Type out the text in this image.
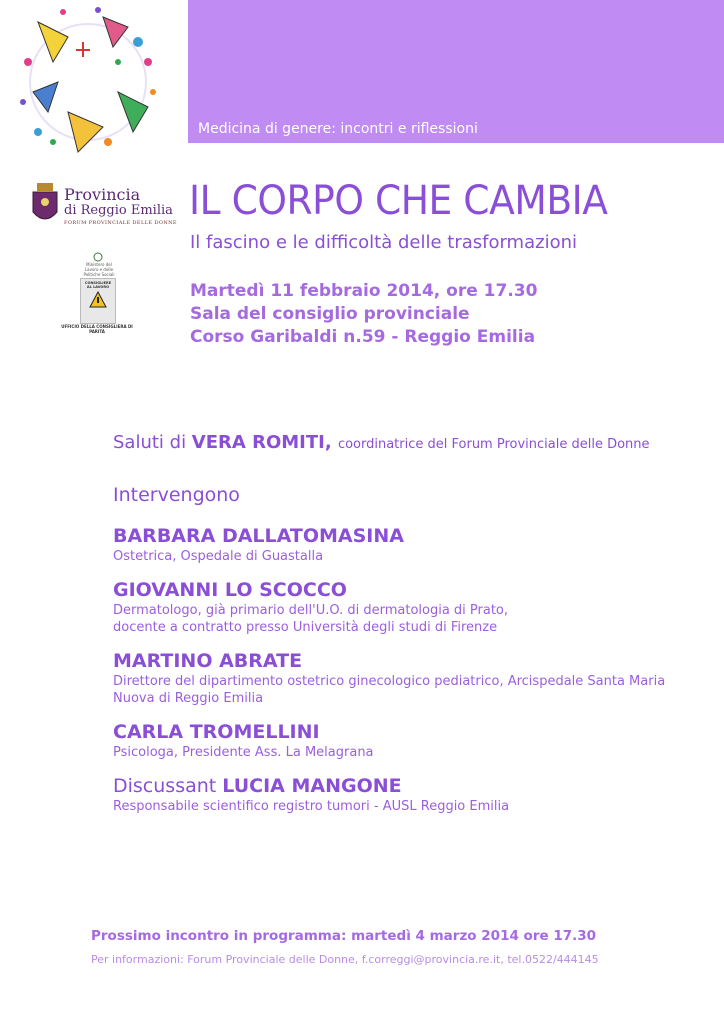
Medicina di genere: incontri e riflessioni
Provincia
di Reggio Emilia
FORUM PROVINCIALE DELLE DONNE
Ministero del Lavoro e delle Politiche Sociali
CONSIGLIERE AL LAVORO
UFFICIO DELLA CONSIGLIERA DI PARITÀ
IL CORPO CHE CAMBIA
Il fascino e le difficoltà delle trasformazioni
Martedì 11 febbraio 2014, ore 17.30
Sala del consiglio provinciale
Corso Garibaldi n.59 - Reggio Emilia
Saluti di VERA ROMITI, coordinatrice del Forum Provinciale delle Donne
Intervengono
BARBARA DALLATOMASINA
Ostetrica, Ospedale di Guastalla
GIOVANNI LO SCOCCO
Dermatologo, già primario dell'U.O. di dermatologia di Prato,
docente a contratto presso Università degli studi di Firenze
MARTINO ABRATE
Direttore del dipartimento ostetrico ginecologico pediatrico, Arcispedale Santa Maria
Nuova di Reggio Emilia
CARLA TROMELLINI
Psicologa, Presidente Ass. La Melagrana
Discussant LUCIA MANGONE
Responsabile scientifico registro tumori - AUSL Reggio Emilia
Prossimo incontro in programma: martedì 4 marzo 2014 ore 17.30
Per informazioni: Forum Provinciale delle Donne, f.correggi@provincia.re.it, tel.0522/444145
